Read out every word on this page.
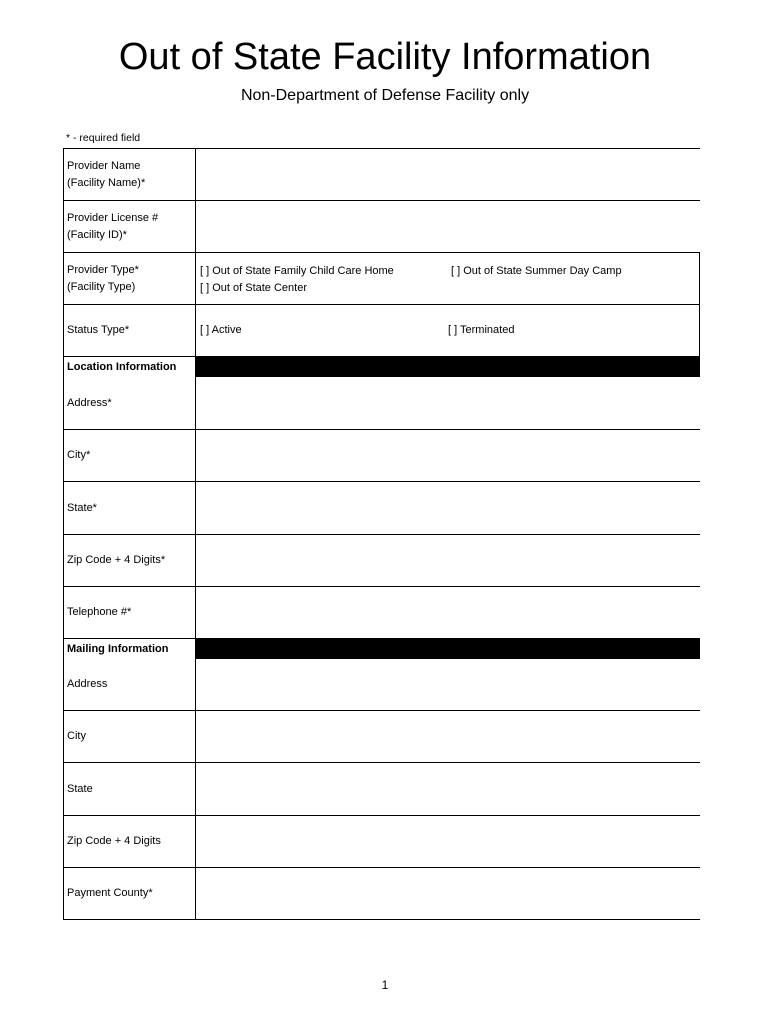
Out of State Facility Information
Non-Department of Defense Facility only
* - required field
Provider Name
(Facility Name)*
Provider License #
(Facility ID)*
Provider Type*
(Facility Type)
[ ] Out of State Family Child Care Home
[ ] Out of State Center
[ ] Out of State Summer Day Camp
Status Type*	[ ] Active	[ ] Terminated
Location Information
Address*
City*
State*
Zip Code + 4 Digits*
Telephone #*
Mailing Information
Address
City
State
Zip Code + 4 Digits
Payment County*
1
